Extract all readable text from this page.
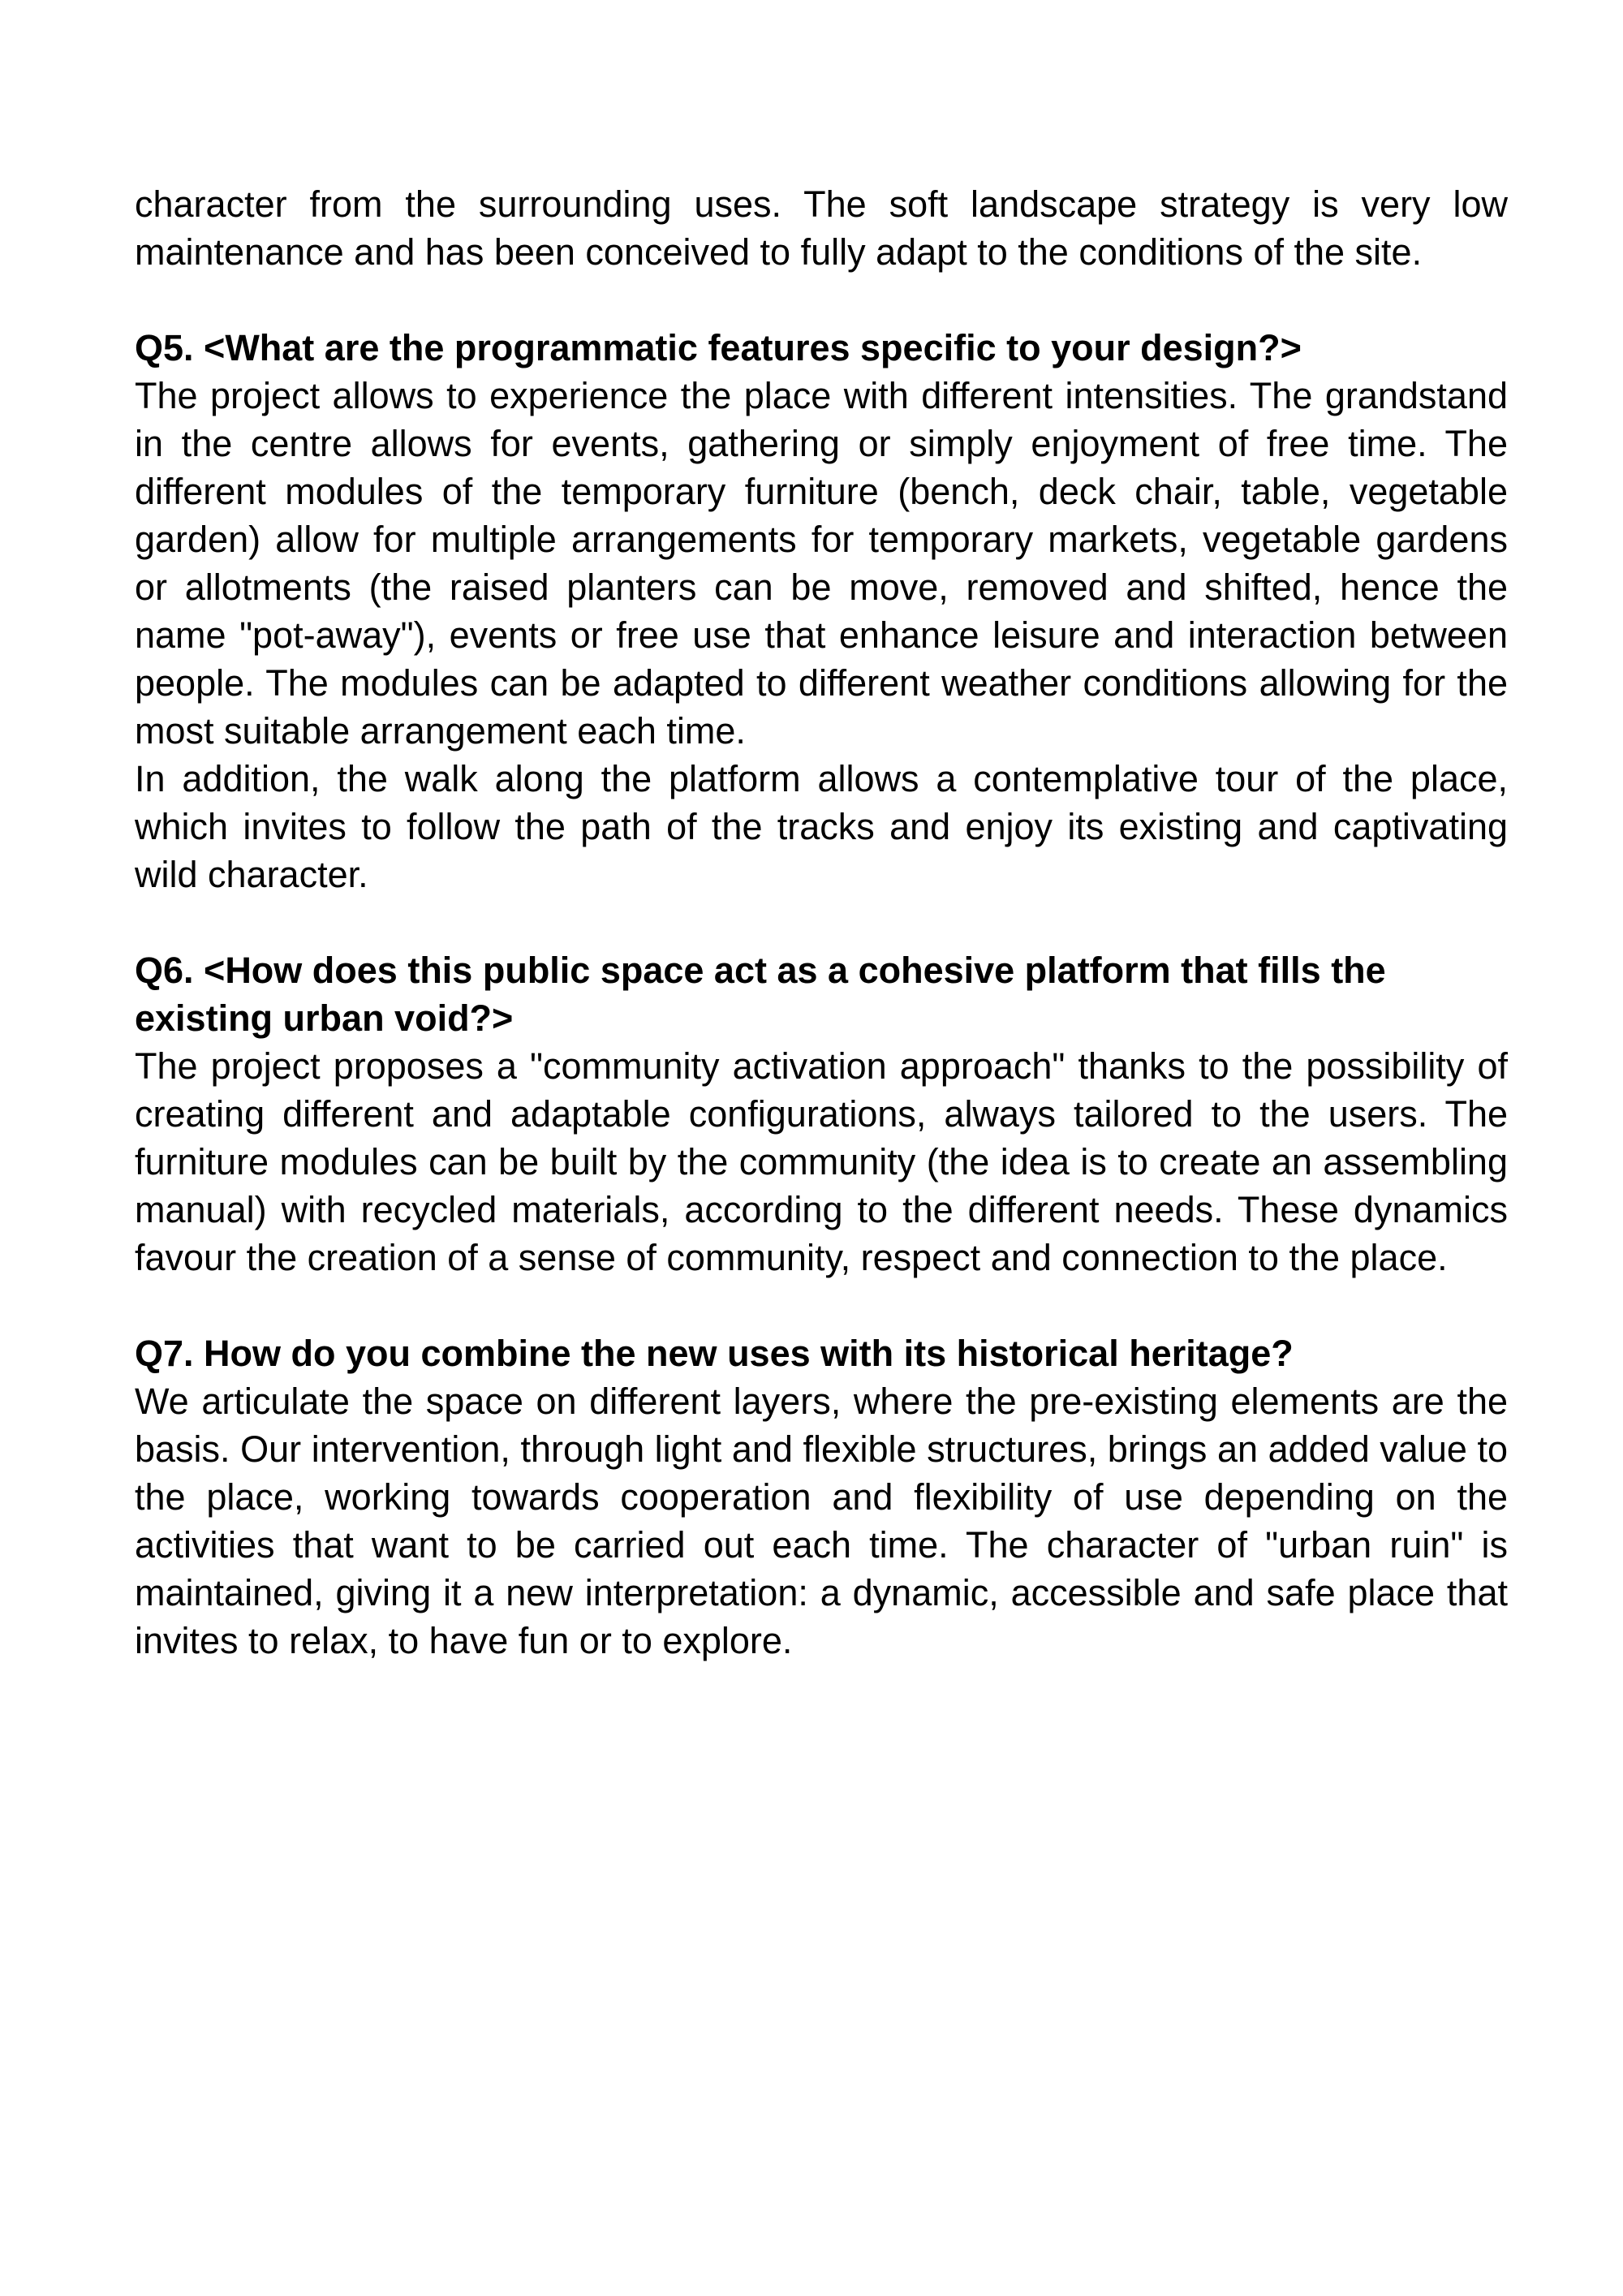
character from the surrounding uses. The soft landscape strategy is very low maintenance and has been conceived to fully adapt to the conditions of the site.

Q5. <What are the programmatic features specific to your design?>

The project allows to experience the place with different intensities. The grandstand in the centre allows for events, gathering or simply enjoyment of free time. The different modules of the temporary furniture (bench, deck chair, table, vegetable garden) allow for multiple arrangements for temporary markets, vegetable gardens or allotments (the raised planters can be move, removed and shifted, hence the name "pot-away"), events or free use that enhance leisure and interaction between people. The modules can be adapted to different weather conditions allowing for the most suitable arrangement each time.

In addition, the walk along the platform allows a contemplative tour of the place, which invites to follow the path of the tracks and enjoy its existing and captivating wild character.

Q6. <How does this public space act as a cohesive platform that fills the existing urban void?>

The project proposes a "community activation approach" thanks to the possibility of creating different and adaptable configurations, always tailored to the users. The furniture modules can be built by the community (the idea is to create an assembling manual) with recycled materials, according to the different needs. These dynamics favour the creation of a sense of community, respect and connection to the place.

Q7. How do you combine the new uses with its historical heritage?

We articulate the space on different layers, where the pre-existing elements are the basis. Our intervention, through light and flexible structures, brings an added value to the place, working towards cooperation and flexibility of use depending on the activities that want to be carried out each time. The character of "urban ruin" is maintained, giving it a new interpretation: a dynamic, accessible and safe place that invites to relax, to have fun or to explore.
